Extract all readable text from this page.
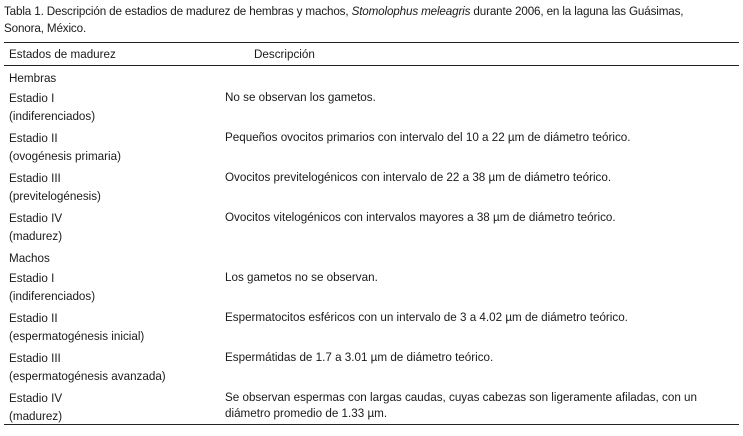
Tabla 1. Descripción de estadios de madurez de hembras y machos, Stomolophus meleagris durante 2006, en la laguna las Guásimas,
Sonora, México.
Estados de madurez	Descripción
Hembras
Estadio I
(indiferenciados)
No se observan los gametos.
Estadio II
(ovogénesis primaria)
Pequeños ovocitos primarios con intervalo del 10 a 22 µm de diámetro teórico.
Estadio III
(previtelogénesis)
Ovocitos previtelogénicos con intervalo de 22 a 38 µm de diámetro teórico.
Estadio IV
(madurez)
Ovocitos vitelogénicos con intervalos mayores a 38 µm de diámetro teórico.
Machos
Estadio I
(indiferenciados)
Los gametos no se observan.
Estadio II
(espermatogénesis inicial)
Espermatocitos esféricos con un intervalo de 3 a 4.02 µm de diámetro teórico.
Estadio III
(espermatogénesis avanzada)
Espermátidas de 1.7 a 3.01 µm de diámetro teórico.
Estadio IV
(madurez)
Se observan espermas con largas caudas, cuyas cabezas son ligeramente afiladas, con un diámetro promedio de 1.33 µm.
